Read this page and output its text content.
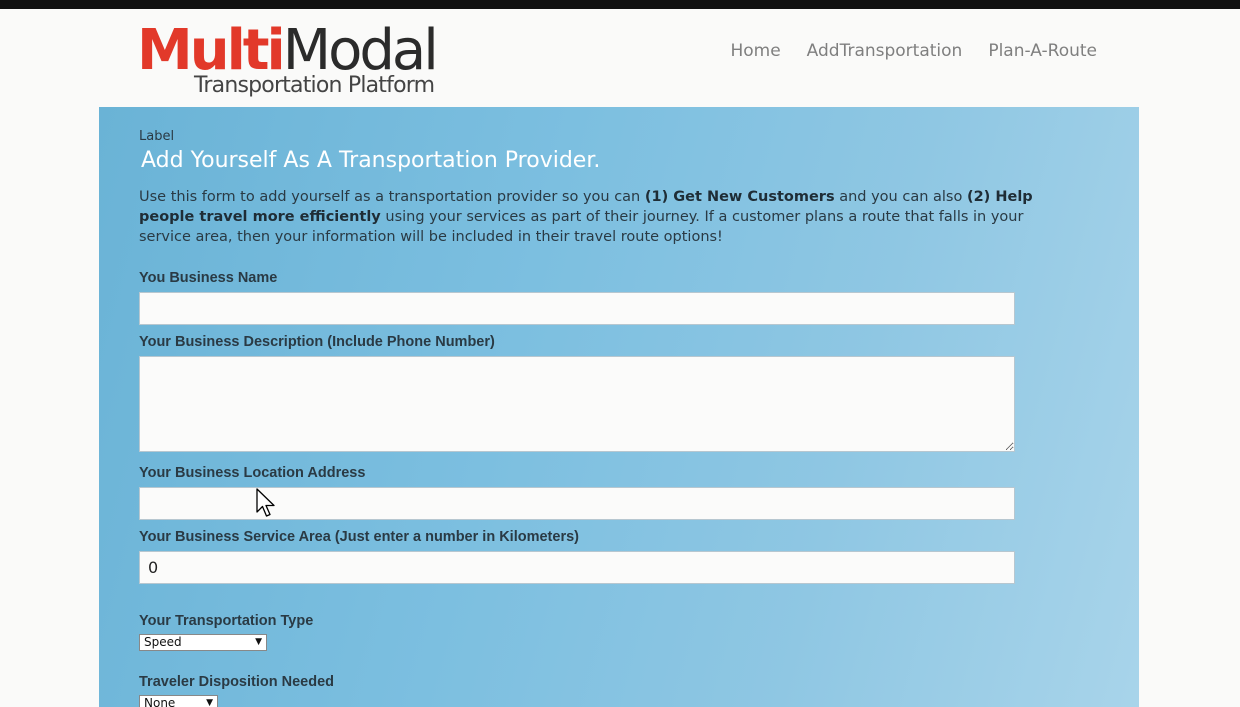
MultiModal
Transportation Platform
Home AddTransportation Plan-A-Route

Label

Add Yourself As A Transportation Provider.

Use this form to add yourself as a transportation provider so you can (1) Get New Customers and you can also (2) Help people travel more efficiently using your services as part of their journey. If a customer plans a route that falls in your service area, then your information will be included in their travel route options!

You Business Name
Your Business Description (Include Phone Number)
Your Business Location Address
Your Business Service Area (Just enter a number in Kilometers)
0
Your Transportation Type
Speed	▼
Traveler Disposition Needed
None	▼
